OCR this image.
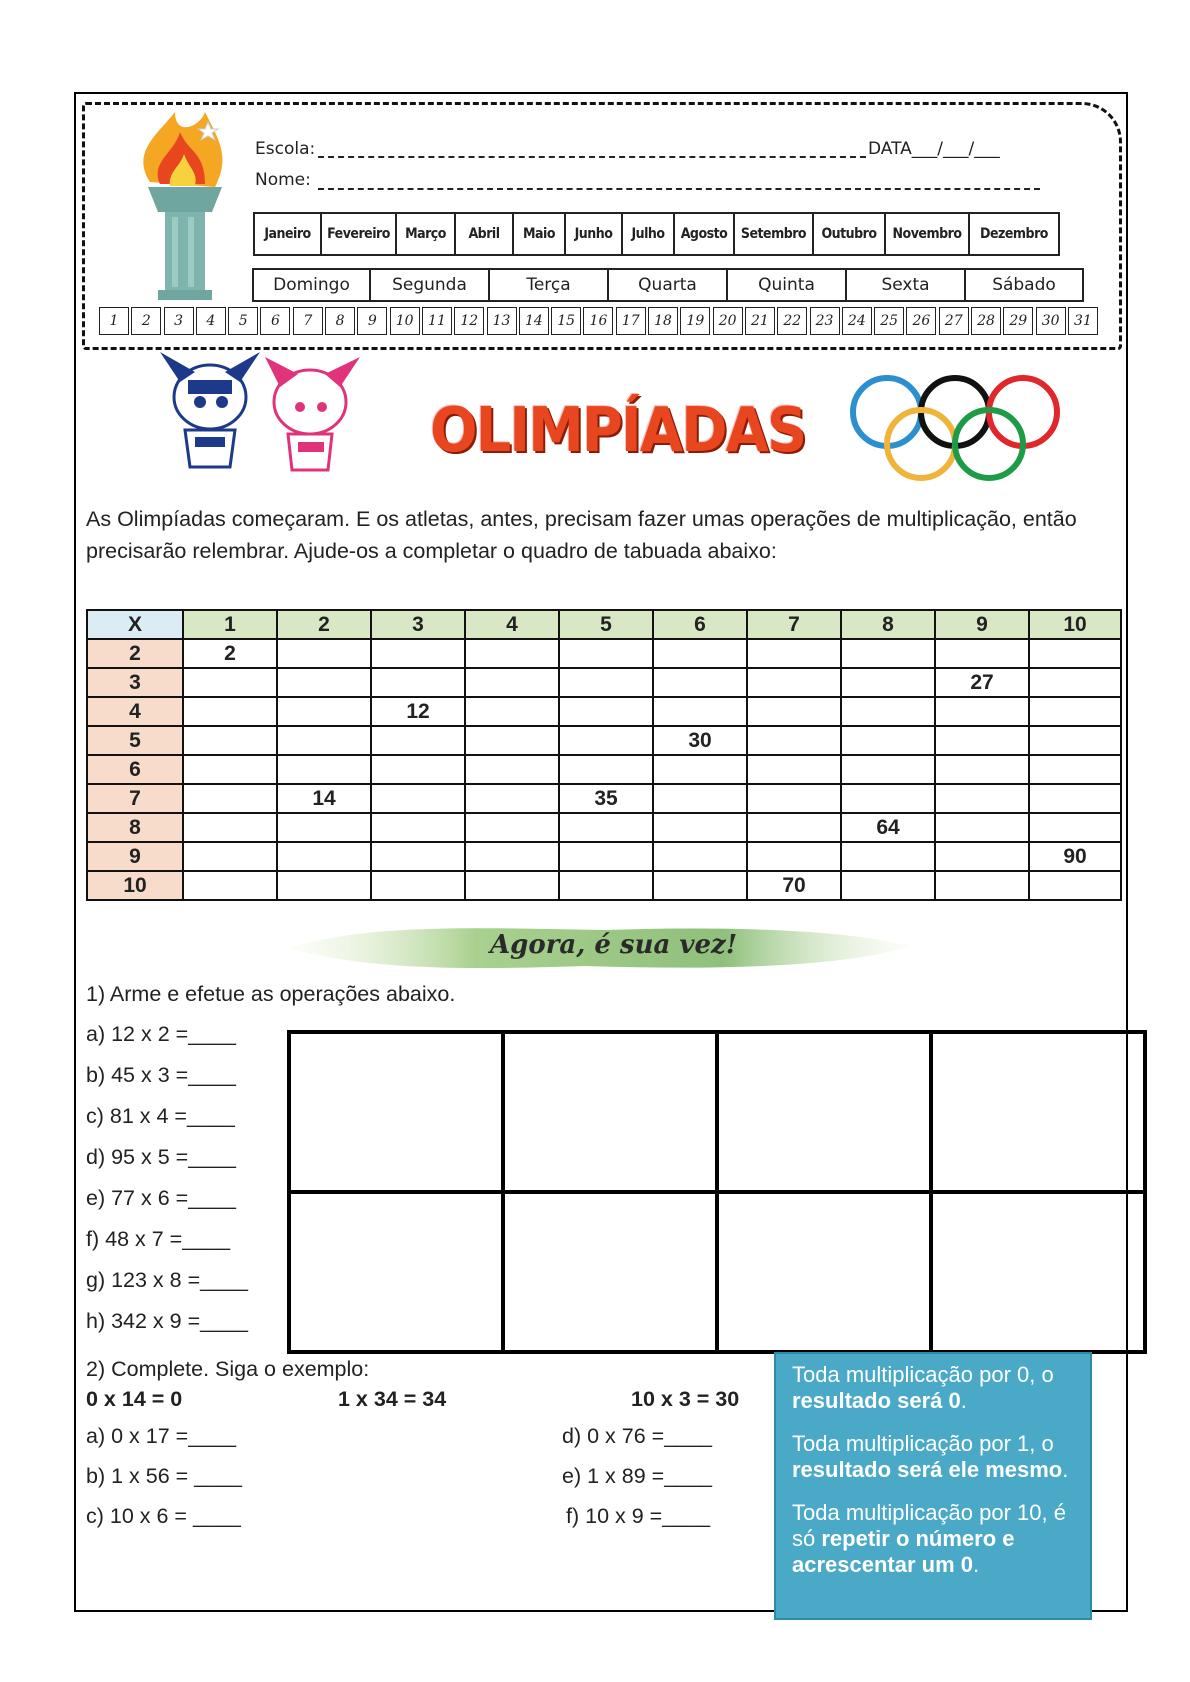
Escola:	DATA___/___/___
Nome:
Janeiro	Fevereiro	Março	Abril	Maio	Junho	Julho	Agosto Setembro	Outubro	Novembro	Dezembro
Domingo	Segunda	Terça	Quarta	Quinta	Sexta	Sábado
1	2	3	4	5	6	7	8	9	10	11	12	13	14	15	16	17	18	19	20	21	22	23	24	25	26	27	28	29	30	31
OLIMPÍADAS
As Olimpíadas começaram. E os atletas, antes, precisam fazer umas operações de multiplicação, então precisarão relembrar. Ajude-os a completar o quadro de tabuada abaixo:
X	1	2	3	4	5	6	7	8	9	10
2	2									
3									27	
4			12							
5						30				
6										
7		14			35					
8								64		
9										90
10							70			
Agora, é sua vez!
1) Arme e efetue as operações abaixo.
a) 12 x 2 =____
b) 45 x 3 =____
c) 81 x 4 =____
d) 95 x 5 =____
e) 77 x 6 =____
f) 48 x 7 =____
g) 123 x 8 =____
h) 342 x 9 =____

2) Complete. Siga o exemplo:
0 x 14 = 0	1 x 34 = 34	10 x 3 = 30
a) 0 x 17 =____
b) 1 x 56 = ____
c) 10 x 6 = ____
d) 0 x 76 =____
e) 1 x 89 =____
f) 10 x 9 =____

Toda multiplicação por 0, o resultado será 0.

Toda multiplicação por 1, o resultado será ele mesmo.

Toda multiplicação por 10, é só repetir o número e acrescentar um 0.
